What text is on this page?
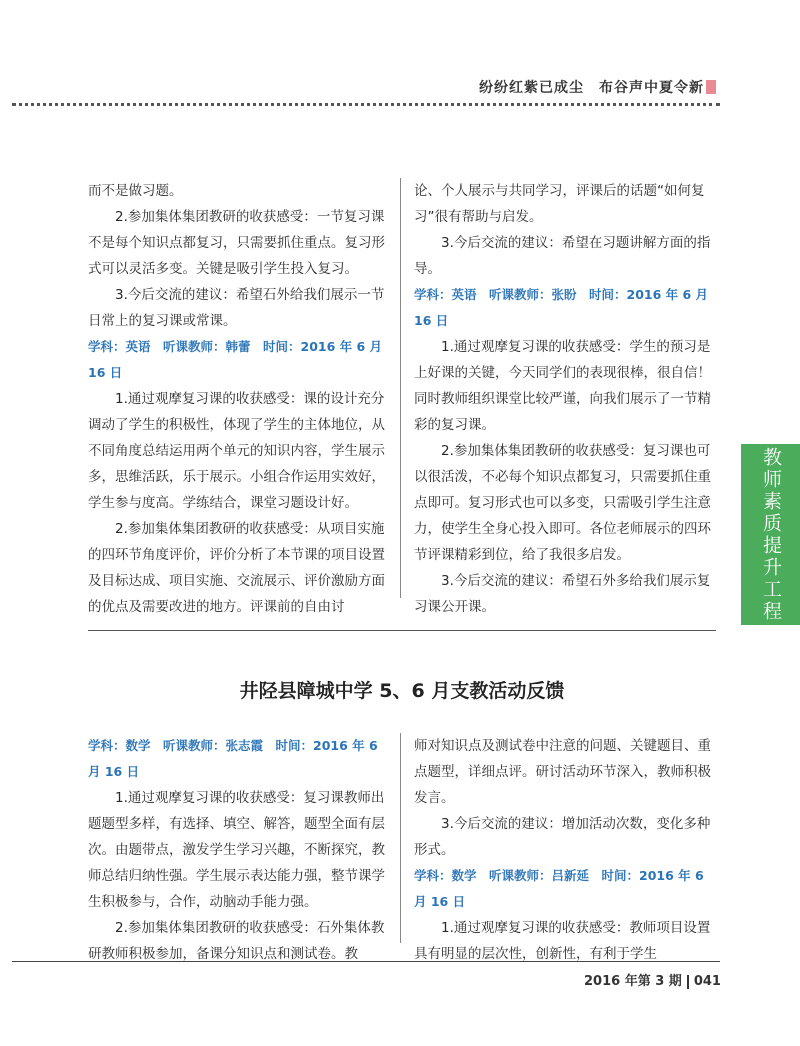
纷纷红紫已成尘　布谷声中夏令新

而不是做习题。

2.参加集体集团教研的收获感受：一节复习课不是每个知识点都复习，只需要抓住重点。复习形式可以灵活多变。关键是吸引学生投入复习。

3.今后交流的建议：希望石外给我们展示一节日常上的复习课或常课。

学科：英语　听课教师：韩蕾　时间：2016 年 6 月 16 日

1.通过观摩复习课的收获感受：课的设计充分调动了学生的积极性，体现了学生的主体地位，从不同角度总结运用两个单元的知识内容，学生展示多，思维活跃，乐于展示。小组合作运用实效好，学生参与度高。学练结合，课堂习题设计好。

2.参加集体集团教研的收获感受：从项目实施的四环节角度评价，评价分析了本节课的项目设置及目标达成、项目实施、交流展示、评价激励方面的优点及需要改进的地方。评课前的自由讨

论、个人展示与共同学习，评课后的话题“如何复习”很有帮助与启发。

3.今后交流的建议：希望在习题讲解方面的指导。

学科：英语　听课教师：张盼　时间：2016 年 6 月 16 日

1.通过观摩复习课的收获感受：学生的预习是上好课的关键，今天同学们的表现很棒，很自信！同时教师组织课堂比较严谨，向我们展示了一节精彩的复习课。

2.参加集体集团教研的收获感受：复习课也可以很活泼，不必每个知识点都复习，只需要抓住重点即可。复习形式也可以多变，只需吸引学生注意力，使学生全身心投入即可。各位老师展示的四环节评课精彩到位，给了我很多启发。

3.今后交流的建议：希望石外多给我们展示复习课公开课。	教师素质提升工程
井陉县障城中学 5、6 月支教活动反馈

学科：数学　听课教师：张志霞　时间：2016 年 6 月 16 日

1.通过观摩复习课的收获感受：复习课教师出题题型多样，有选择、填空、解答，题型全面有层次。由题带点，激发学生学习兴趣，不断探究，教师总结归纳性强。学生展示表达能力强，整节课学生积极参与，合作，动脑动手能力强。

2.参加集体集团教研的收获感受：石外集体教研教师积极参加，备课分知识点和测试卷。教

师对知识点及测试卷中注意的问题、关键题目、重点题型，详细点评。研讨活动环节深入，教师积极发言。

3.今后交流的建议：增加活动次数，变化多种形式。

学科：数学　听课教师：吕新延　时间：2016 年 6 月 16 日

1.通过观摩复习课的收获感受：教师项目设置具有明显的层次性，创新性，有利于学生

2016 年第 3 期 041
